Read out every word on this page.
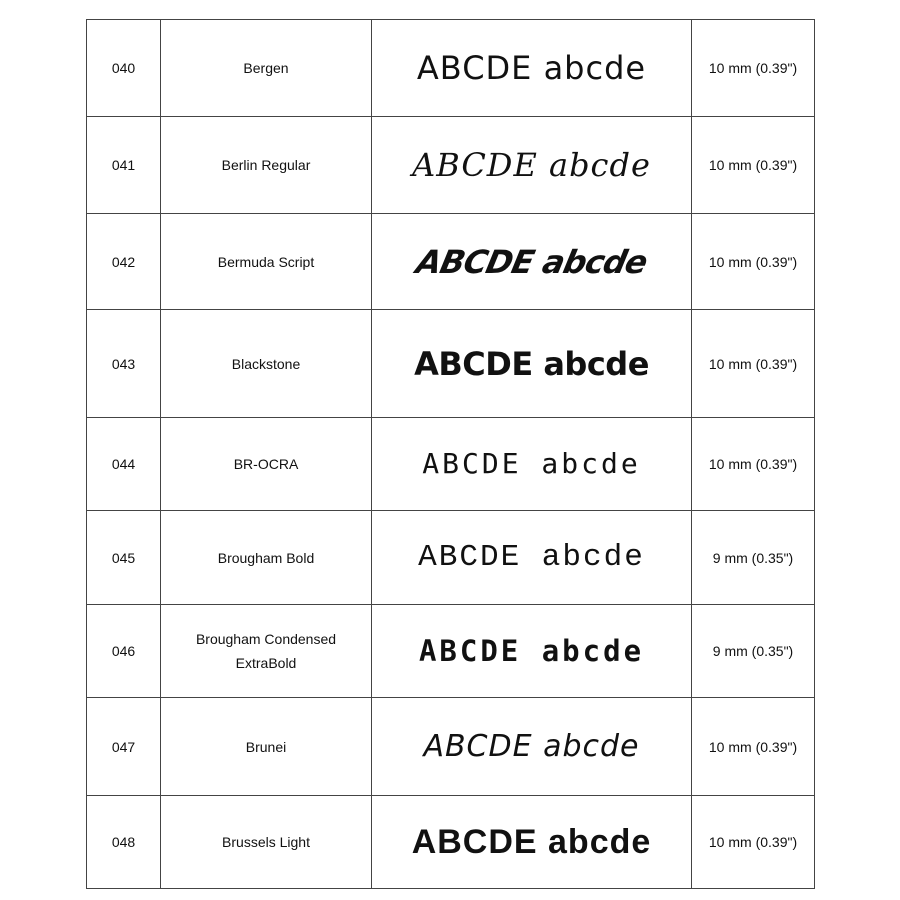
040	Bergen	ABCDE abcde	10 mm (0.39")
041	Berlin Regular	ABCDE abcde	10 mm (0.39")
042	Bermuda Script	ABCDE abcde	10 mm (0.39")
043	Blackstone	ABCDE abcde	10 mm (0.39")
044	BR-OCRA	ABCDE abcde	10 mm (0.39")
045	Brougham Bold	ABCDE abcde	9 mm (0.35")
046	Brougham Condensed
ExtraBold	ABCDE abcde	9 mm (0.35")
047	Brunei	ABCDE abcde	10 mm (0.39")
048	Brussels Light	ABCDE abcde	10 mm (0.39")
